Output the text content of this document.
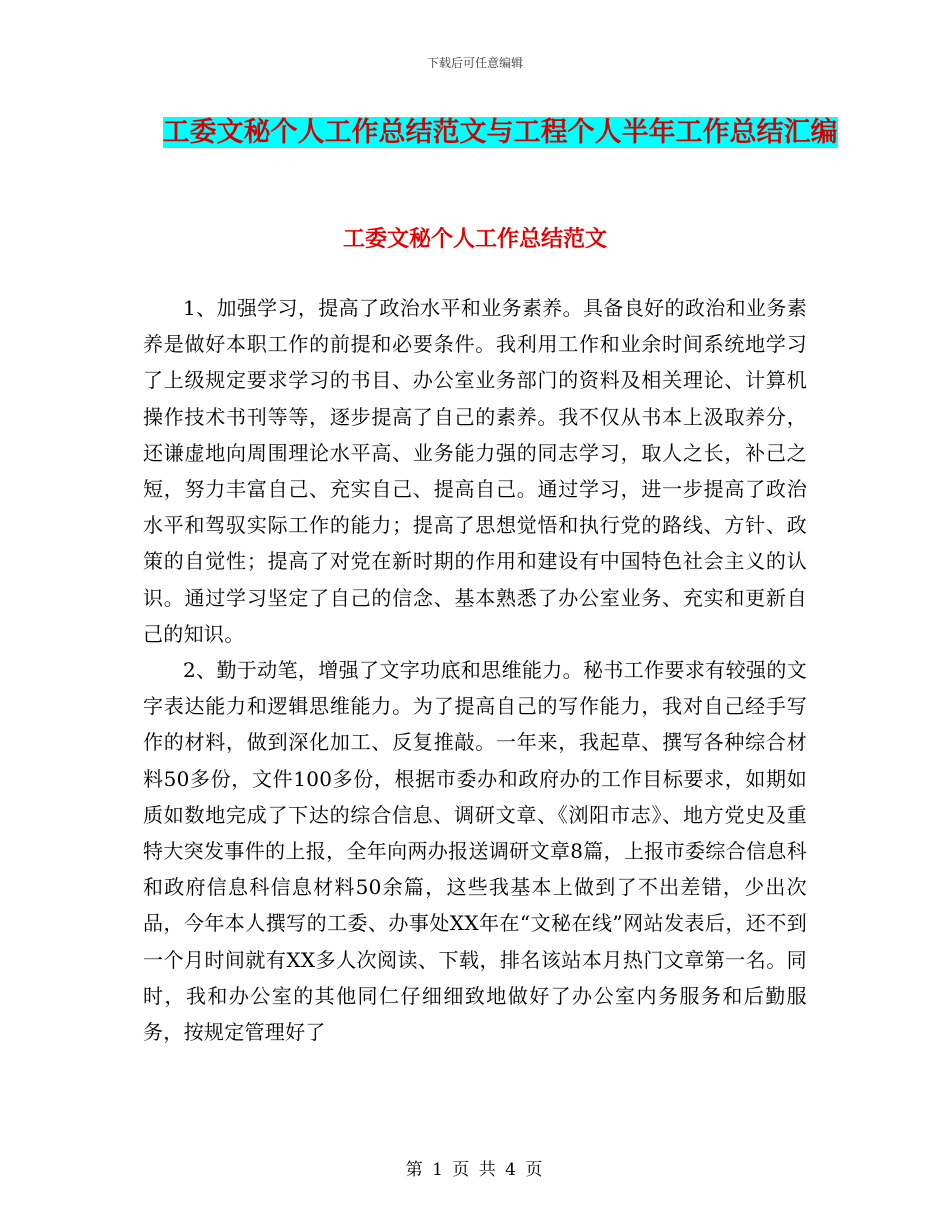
下载后可任意编辑
工委文秘个人工作总结范文与工程个人半年工作总结汇编
工委文秘个人工作总结范文

1、加强学习，提高了政治水平和业务素养。具备良好的政治和业务素养是做好本职工作的前提和必要条件。我利用工作和业余时间系统地学习了上级规定要求学习的书目、办公室业务部门的资料及相关理论、计算机操作技术书刊等等，逐步提高了自己的素养。我不仅从书本上汲取养分，还谦虚地向周围理论水平高、业务能力强的同志学习，取人之长，补己之短，努力丰富自己、充实自己、提高自己。通过学习，进一步提高了政治水平和驾驭实际工作的能力；提高了思想觉悟和执行党的路线、方针、政策的自觉性；提高了对党在新时期的作用和建设有中国特色社会主义的认识。通过学习坚定了自己的信念、基本熟悉了办公室业务、充实和更新自己的知识。

2、勤于动笔，增强了文字功底和思维能力。秘书工作要求有较强的文字表达能力和逻辑思维能力。为了提高自己的写作能力，我对自己经手写作的材料，做到深化加工、反复推敲。一年来，我起草、撰写各种综合材料50多份，文件100多份，根据市委办和政府办的工作目标要求，如期如质如数地完成了下达的综合信息、调研文章、《浏阳市志》、地方党史及重特大突发事件的上报，全年向两办报送调研文章8篇，上报市委综合信息科和政府信息科信息材料50余篇，这些我基本上做到了不出差错，少出次品，今年本人撰写的工委、办事处XX年在“文秘在线”网站发表后，还不到一个月时间就有XX多人次阅读、下载，排名该站本月热门文章第一名。同时，我和办公室的其他同仁仔细细致地做好了办公室内务服务和后勤服务，按规定管理好了

第 1 页 共 4 页
